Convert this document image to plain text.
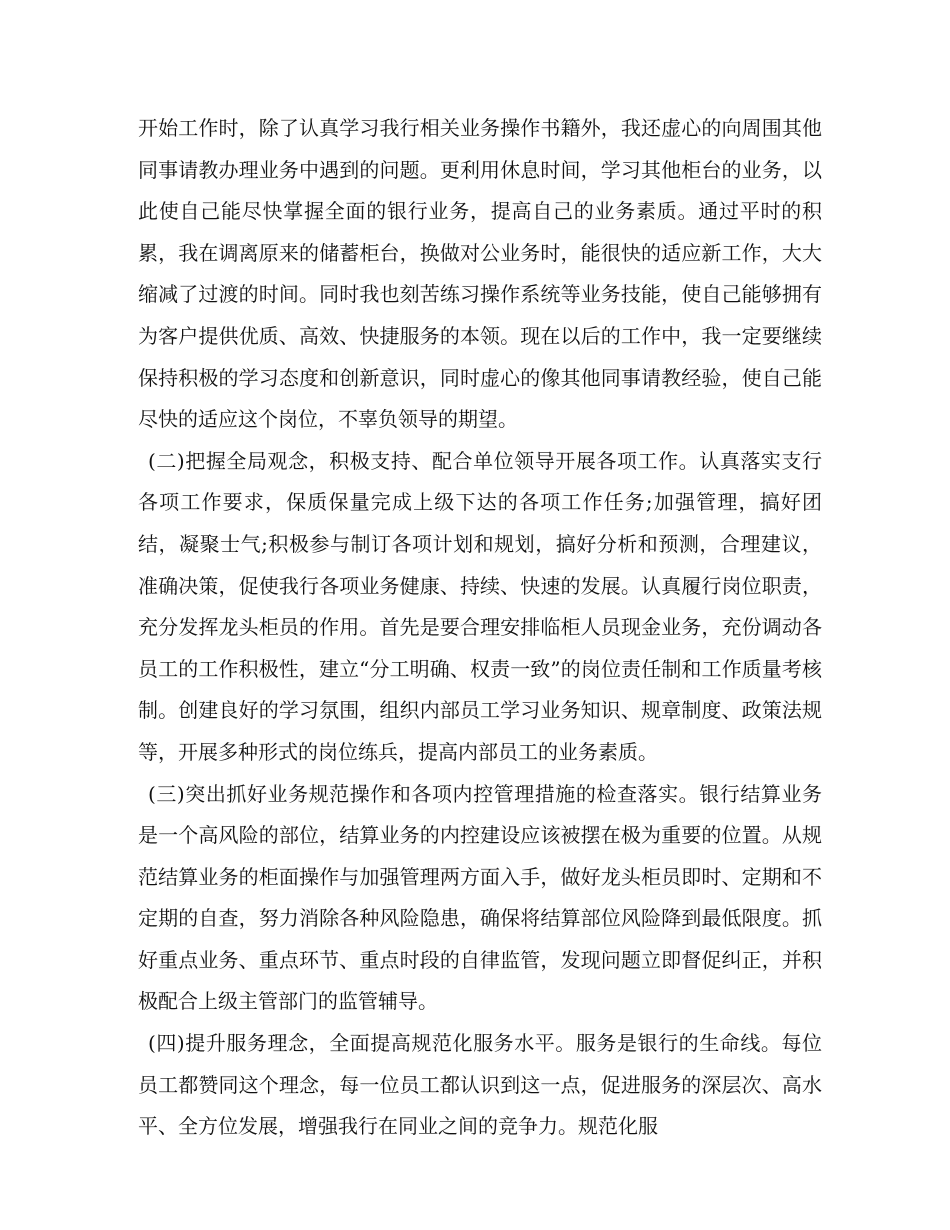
开始工作时，除了认真学习我行相关业务操作书籍外，我还虚心的向周围其他同事请教办理业务中遇到的问题。更利用休息时间，学习其他柜台的业务，以此使自己能尽快掌握全面的银行业务，提高自己的业务素质。通过平时的积累，我在调离原来的储蓄柜台，换做对公业务时，能很快的适应新工作，大大缩减了过渡的时间。同时我也刻苦练习操作系统等业务技能，使自己能够拥有为客户提供优质、高效、快捷服务的本领。现在以后的工作中，我一定要继续保持积极的学习态度和创新意识，同时虚心的像其他同事请教经验，使自己能尽快的适应这个岗位，不辜负领导的期望。

(二)把握全局观念，积极支持、配合单位领导开展各项工作。认真落实支行各项工作要求，保质保量完成上级下达的各项工作任务;加强管理，搞好团结，凝聚士气;积极参与制订各项计划和规划，搞好分析和预测，合理建议，准确决策，促使我行各项业务健康、持续、快速的发展。认真履行岗位职责，充分发挥龙头柜员的作用。首先是要合理安排临柜人员现金业务，充份调动各员工的工作积极性，建立“分工明确、权责一致”的岗位责任制和工作质量考核制。创建良好的学习氛围，组织内部员工学习业务知识、规章制度、政策法规等，开展多种形式的岗位练兵，提高内部员工的业务素质。

(三)突出抓好业务规范操作和各项内控管理措施的检查落实。银行结算业务是一个高风险的部位，结算业务的内控建设应该被摆在极为重要的位置。从规范结算业务的柜面操作与加强管理两方面入手，做好龙头柜员即时、定期和不定期的自查，努力消除各种风险隐患，确保将结算部位风险降到最低限度。抓好重点业务、重点环节、重点时段的自律监管，发现问题立即督促纠正，并积极配合上级主管部门的监管辅导。

(四)提升服务理念，全面提高规范化服务水平。服务是银行的生命线。每位员工都赞同这个理念，每一位员工都认识到这一点，促进服务的深层次、高水平、全方位发展，增强我行在同业之间的竞争力。规范化服
